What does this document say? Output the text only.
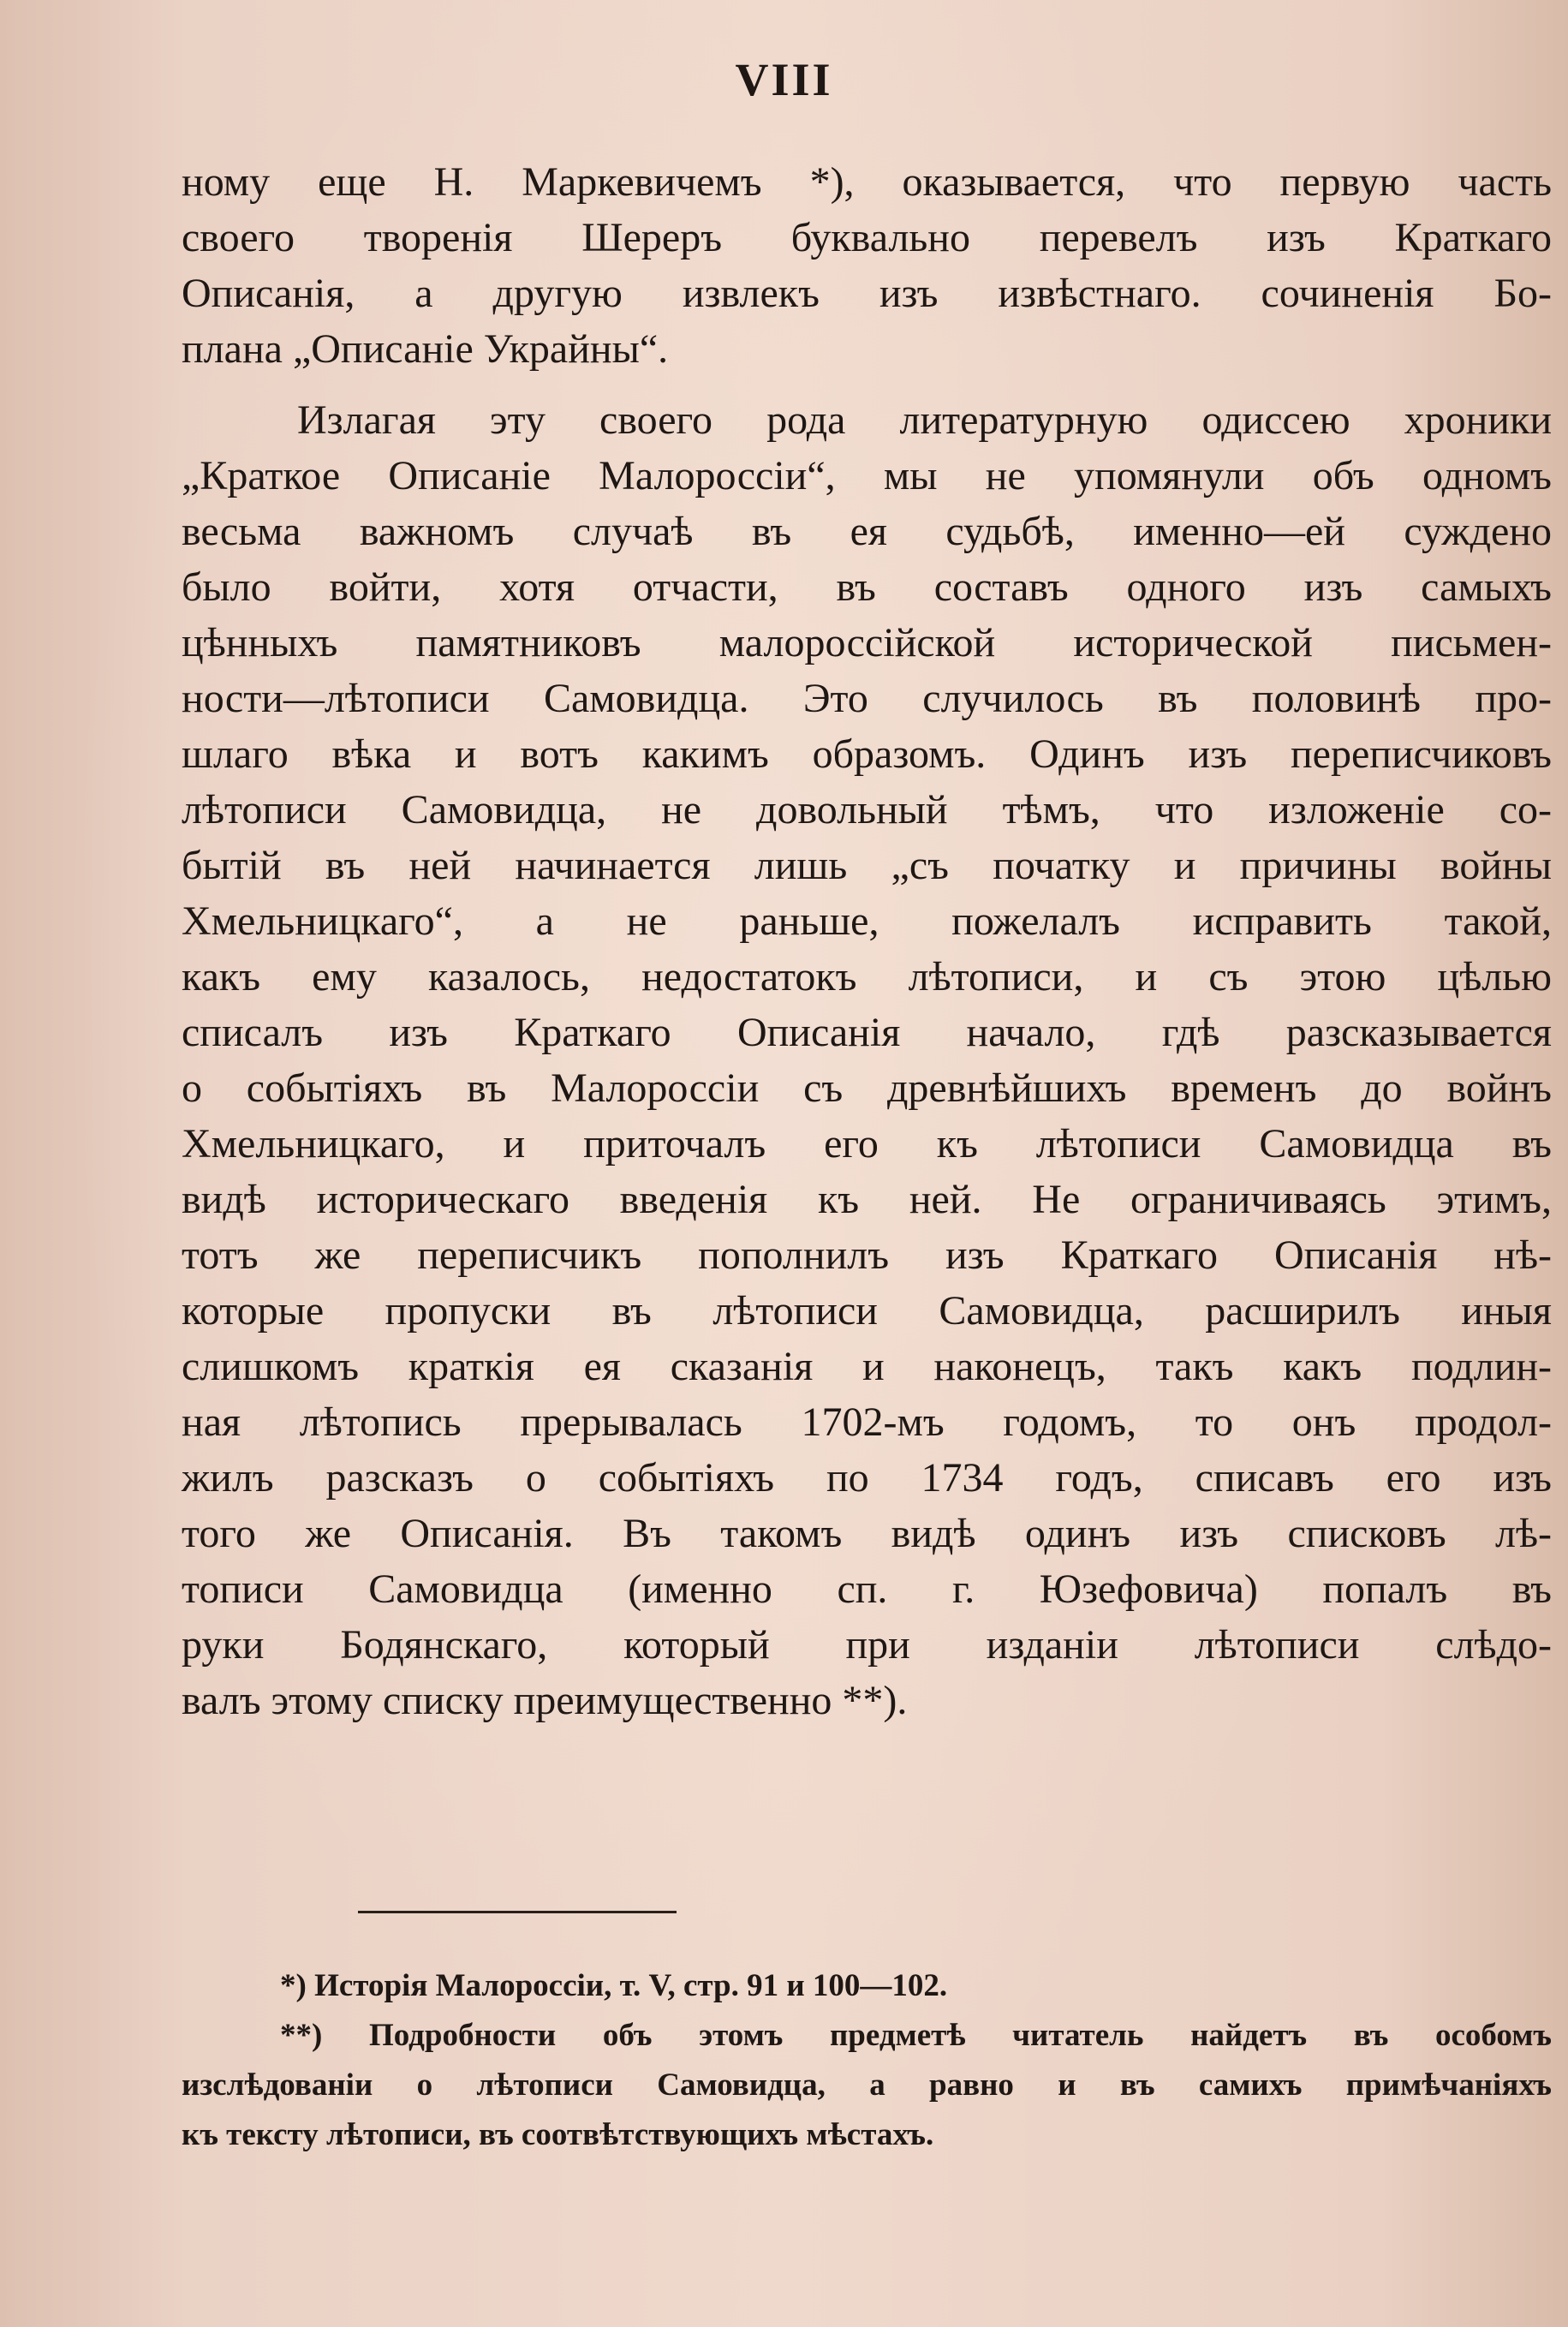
VIII
ному еще Н. Маркевичемъ *), оказывается, что первую часть
своего творенія Шереръ буквально перевелъ изъ Краткаго
Описанія, а другую извлекъ изъ извѣстнаго. сочиненія Бо-
плана „Описаніе Украйны“.
Излагая эту своего рода литературную одиссею хроники
„Краткое Описаніе Малороссіи“, мы не упомянули объ одномъ
весьма важномъ случаѣ въ ея судьбѣ, именно—ей суждено
было войти, хотя отчасти, въ составъ одного изъ самыхъ
цѣнныхъ памятниковъ малороссійской исторической письмен-
ности—лѣтописи Самовидца. Это случилось въ половинѣ про-
шлаго вѣка и вотъ какимъ образомъ. Одинъ изъ переписчиковъ
лѣтописи Самовидца, не довольный тѣмъ, что изложеніе со-
бытій въ ней начинается лишь „съ початку и причины войны
Хмельницкаго“, а не раньше, пожелалъ исправить такой,
какъ ему казалось, недостатокъ лѣтописи, и съ этою цѣлью
списалъ изъ Краткаго Описанія начало, гдѣ разсказывается
о событіяхъ въ Малороссіи съ древнѣйшихъ временъ до войнъ
Хмельницкаго, и приточалъ его къ лѣтописи Самовидца въ
видѣ историческаго введенія къ ней. Не ограничиваясь этимъ,
тотъ же переписчикъ пополнилъ изъ Краткаго Описанія нѣ-
которые пропуски въ лѣтописи Самовидца, расширилъ иныя
слишкомъ краткія ея сказанія и наконецъ, такъ какъ подлин-
ная лѣтопись прерывалась 1702-мъ годомъ, то онъ продол-
жилъ разсказъ о событіяхъ по 1734 годъ, списавъ его изъ
того же Описанія. Въ такомъ видѣ одинъ изъ списковъ лѣ-
тописи Самовидца (именно сп. г. Юзефовича) попалъ въ
руки Бодянскаго, который при изданіи лѣтописи слѣдо-
валъ этому списку преимущественно **).
*) Исторія Малороссіи, т. V, стр. 91 и 100—102.
**) Подробности объ этомъ предметѣ читатель найдетъ въ особомъ
изслѣдованіи о лѣтописи Самовидца, а равно и въ самихъ примѣчаніяхъ
къ тексту лѣтописи, въ соотвѣтствующихъ мѣстахъ.
